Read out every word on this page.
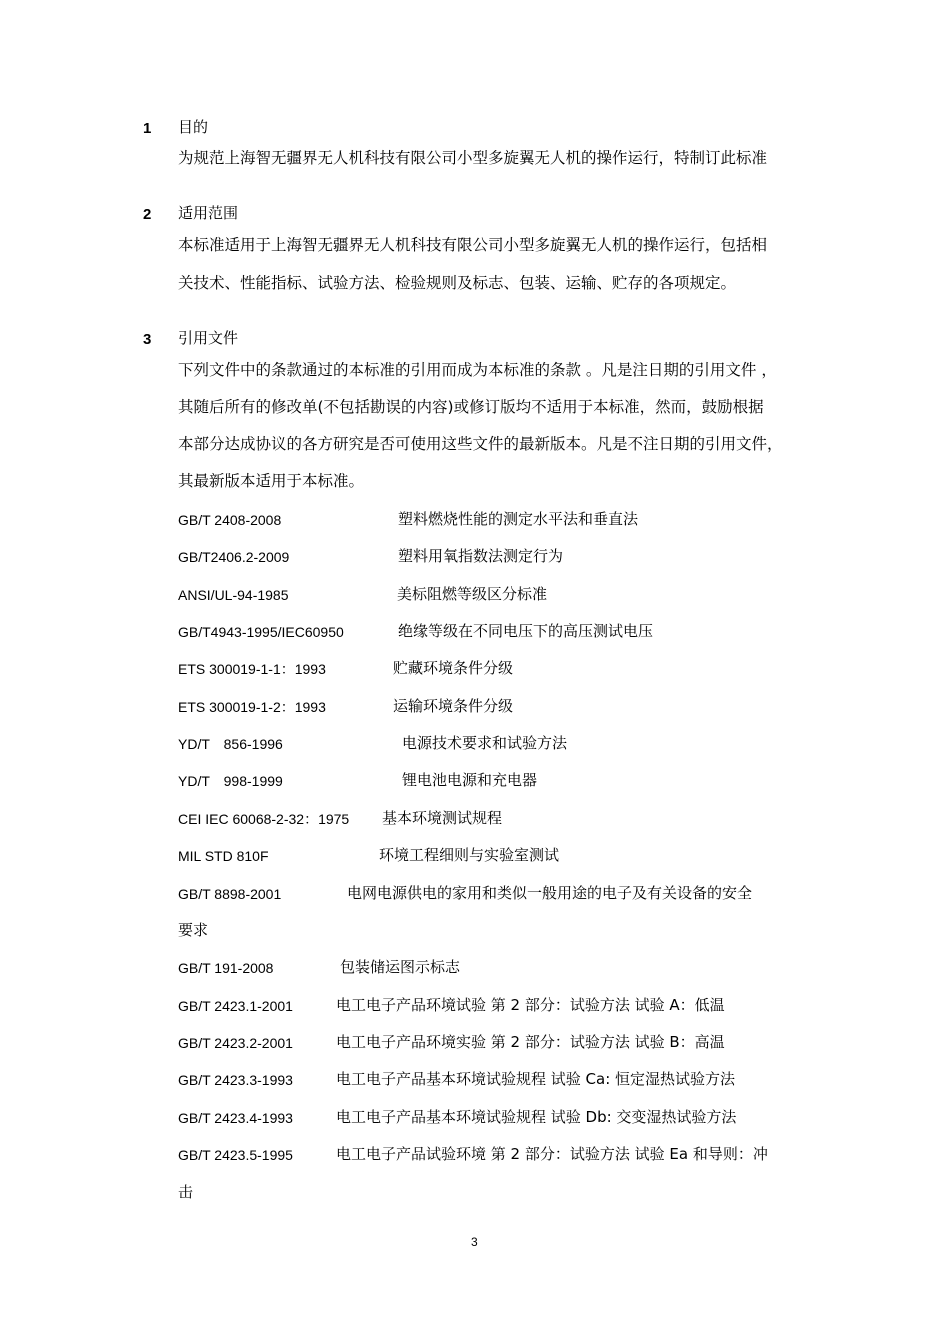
1 目的
为规范上海智无疆界无人机科技有限公司小型多旋翼无人机的操作运行，特制订此标准
2 适用范围
本标准适用于上海智无疆界无人机科技有限公司小型多旋翼无人机的操作运行，包括相
关技术、性能指标、试验方法、检验规则及标志、包装、运输、贮存的各项规定。
3 引用文件
下列文件中的条款通过的本标准的引用而成为本标准的条款 。凡是注日期的引用文件 ，
其随后所有的修改单(不包括勘误的内容)或修订版均不适用于本标准，然而，鼓励根据
本部分达成协议的各方研究是否可使用这些文件的最新版本。凡是不注日期的引用文件，
其最新版本适用于本标准。
GB/T 2408-2008	塑料燃烧性能的测定水平法和垂直法
GB/T2406.2-2009	塑料用氧指数法测定行为
ANSI/UL-94-1985	美标阻燃等级区分标准
GB/T4943-1995/IEC60950	绝缘等级在不同电压下的高压测试电压
ETS 300019-1-1：1993	贮藏环境条件分级
ETS 300019-1-2：1993	运输环境条件分级
YD/T　856-1996	电源技术要求和试验方法
YD/T　998-1999	锂电池电源和充电器
CEI IEC 60068-2-32：1975 基本环境测试规程
MIL STD 810F	环境工程细则与实验室测试
GB/T 8898-2001	电网电源供电的家用和类似一般用途的电子及有关设备的安全
要求
GB/T 191-2008	包装储运图示标志
GB/T 2423.1-2001	电工电子产品环境试验 第 2 部分：试验方法 试验 A：低温
GB/T 2423.2-2001	电工电子产品环境实验 第 2 部分：试验方法 试验 B：高温
GB/T 2423.3-1993	电工电子产品基本环境试验规程 试验 Ca: 恒定湿热试验方法
GB/T 2423.4-1993	电工电子产品基本环境试验规程 试验 Db: 交变湿热试验方法
GB/T 2423.5-1995	电工电子产品试验环境 第 2 部分：试验方法 试验 Ea 和导则：冲
击
3
